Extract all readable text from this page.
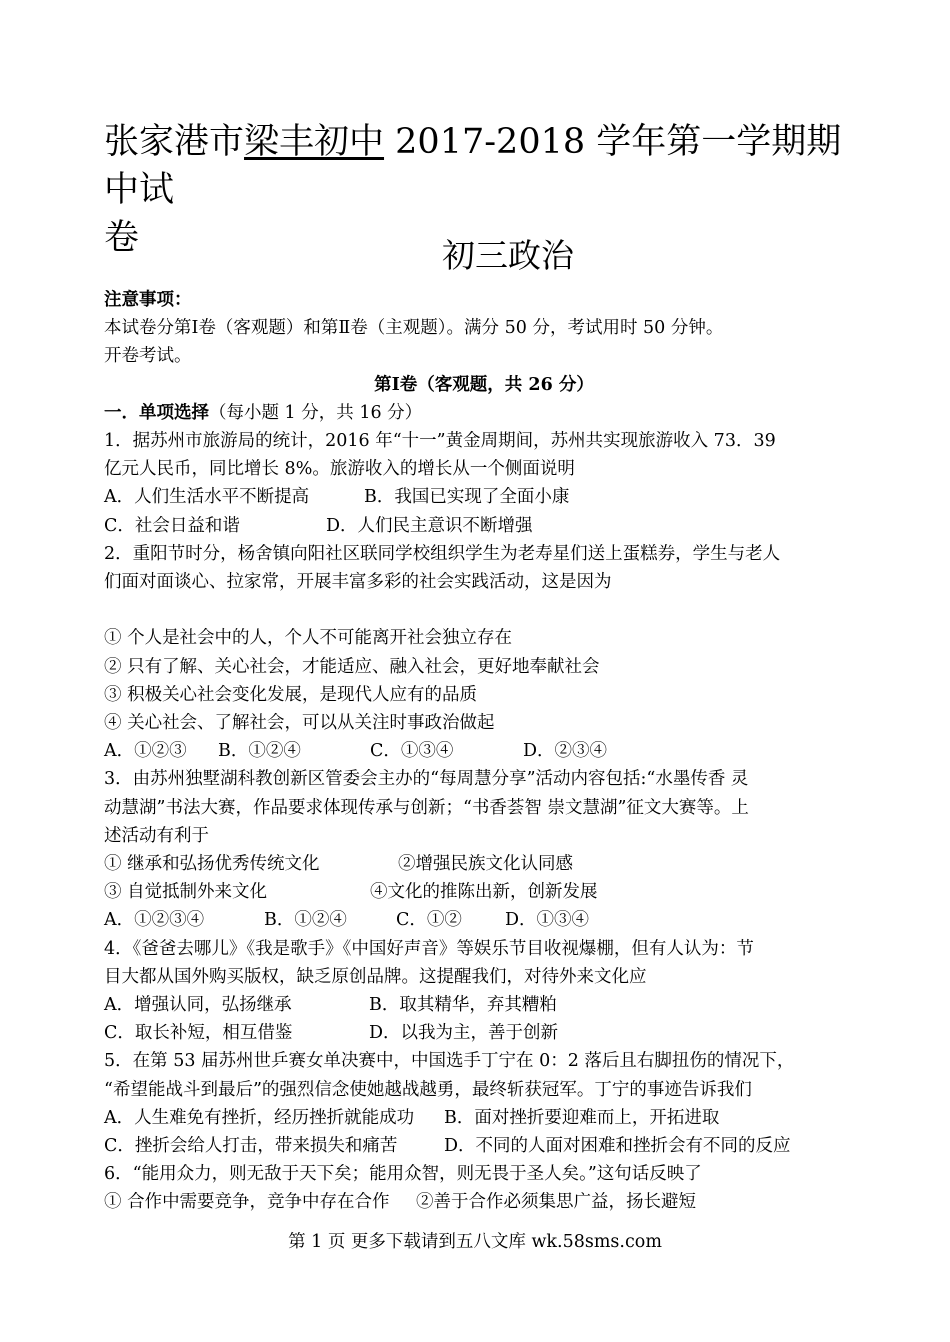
张家港市梁丰初中 2017-2018 学年第一学期期中试
卷	初三政治
注意事项：
本试卷分第Ⅰ卷（客观题）和第Ⅱ卷（主观题）。满分 50 分，考试用时 50 分钟。
开卷考试。
第Ⅰ卷（客观题，共 26 分）
一．单项选择（每小题 1 分，共 16 分）
1．据苏州市旅游局的统计，2016 年“十一”黄金周期间，苏州共实现旅游收入 73．39
亿元人民币，同比增长 8%。旅游收入的增长从一个侧面说明
A．人们生活水平不断提高	B．我国已实现了全面小康
C．社会日益和谐	D．人们民主意识不断增强
2．重阳节时分，杨舍镇向阳社区联同学校组织学生为老寿星们送上蛋糕券，学生与老人
们面对面谈心、拉家常，开展丰富多彩的社会实践活动，这是因为
① 个人是社会中的人，个人不可能离开社会独立存在
② 只有了解、关心社会，才能适应、融入社会，更好地奉献社会
③ 积极关心社会变化发展，是现代人应有的品质
④ 关心社会、了解社会，可以从关注时事政治做起
A．①②③ B．①②④	C．①③④	D．②③④
3．由苏州独墅湖科教创新区管委会主办的“每周慧分享”活动内容包括:“水墨传香 灵
动慧湖”书法大赛，作品要求体现传承与创新；“书香荟智 崇文慧湖”征文大赛等。上
述活动有利于
① 继承和弘扬优秀传统文化	②增强民族文化认同感
③ 自觉抵制外来文化	④文化的推陈出新，创新发展
A．①②③④	B．①②④	C．①② D．①③④
4．《爸爸去哪儿》《我是歌手》《中国好声音》等娱乐节目收视爆棚，但有人认为：节
目大都从国外购买版权，缺乏原创品牌。这提醒我们，对待外来文化应
A．增强认同，弘扬继承	B．取其精华，弃其糟粕
C．取长补短，相互借鉴	D．以我为主，善于创新
5．在第 53 届苏州世乒赛女单决赛中，中国选手丁宁在 0：2 落后且右脚扭伤的情况下，
“希望能战斗到最后”的强烈信念使她越战越勇，最终斩获冠军。丁宁的事迹告诉我们
A．人生难免有挫折，经历挫折就能成功 B．面对挫折要迎难而上，开拓进取
C．挫折会给人打击，带来损失和痛苦	D．不同的人面对困难和挫折会有不同的反应
6．“能用众力，则无敌于天下矣；能用众智，则无畏于圣人矣。”这句话反映了
① 合作中需要竞争，竞争中存在合作 ②善于合作必须集思广益，扬长避短
第 1 页 更多下载请到五八文库 wk.58sms.com
